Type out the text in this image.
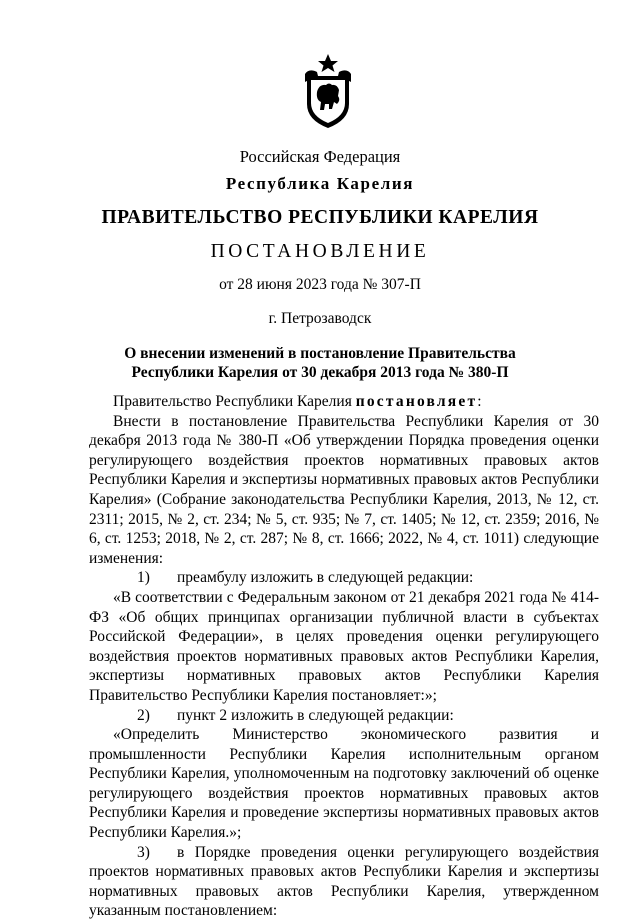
Российская Федерация
Республика Карелия
ПРАВИТЕЛЬСТВО РЕСПУБЛИКИ КАРЕЛИЯ
ПОСТАНОВЛЕНИЕ
от 28 июня 2023 года № 307-П
г. Петрозаводск
О внесении изменений в постановление Правительства
Республики Карелия от 30 декабря 2013 года № 380-П

Правительство Республики Карелия постановляет:

Внести в постановление Правительства Республики Карелия от 30 декабря 2013 года № 380-П «Об утверждении Порядка проведения оценки регулирующего воздействия проектов нормативных правовых актов Республики Карелия и экспертизы нормативных правовых актов Республики Карелия» (Собрание законодательства Республики Карелия, 2013, № 12, ст. 2311; 2015, № 2, ст. 234; № 5, ст. 935; № 7, ст. 1405; № 12, ст. 2359; 2016, № 6, ст. 1253; 2018, № 2, ст. 287; № 8, ст. 1666; 2022, № 4, ст. 1011) следующие изменения:

1) преамбулу изложить в следующей редакции:

«В соответствии с Федеральным законом от 21 декабря 2021 года № 414-ФЗ «Об общих принципах организации публичной власти в субъектах Российской Федерации», в целях проведения оценки регулирующего воздействия проектов нормативных правовых актов Республики Карелия, экспертизы нормативных правовых актов Республики Карелия Правительство Республики Карелия постановляет:»;

2) пункт 2 изложить в следующей редакции:

«Определить Министерство экономического развития и промышленности Республики Карелия исполнительным органом Республики Карелия, уполномоченным на подготовку заключений об оценке регулирующего воздействия проектов нормативных правовых актов Республики Карелия и проведение экспертизы нормативных правовых актов Республики Карелия.»;

3) в Порядке проведения оценки регулирующего воздействия проектов нормативных правовых актов Республики Карелия и экспертизы нормативных правовых актов Республики Карелия, утвержденном указанным постановлением:
